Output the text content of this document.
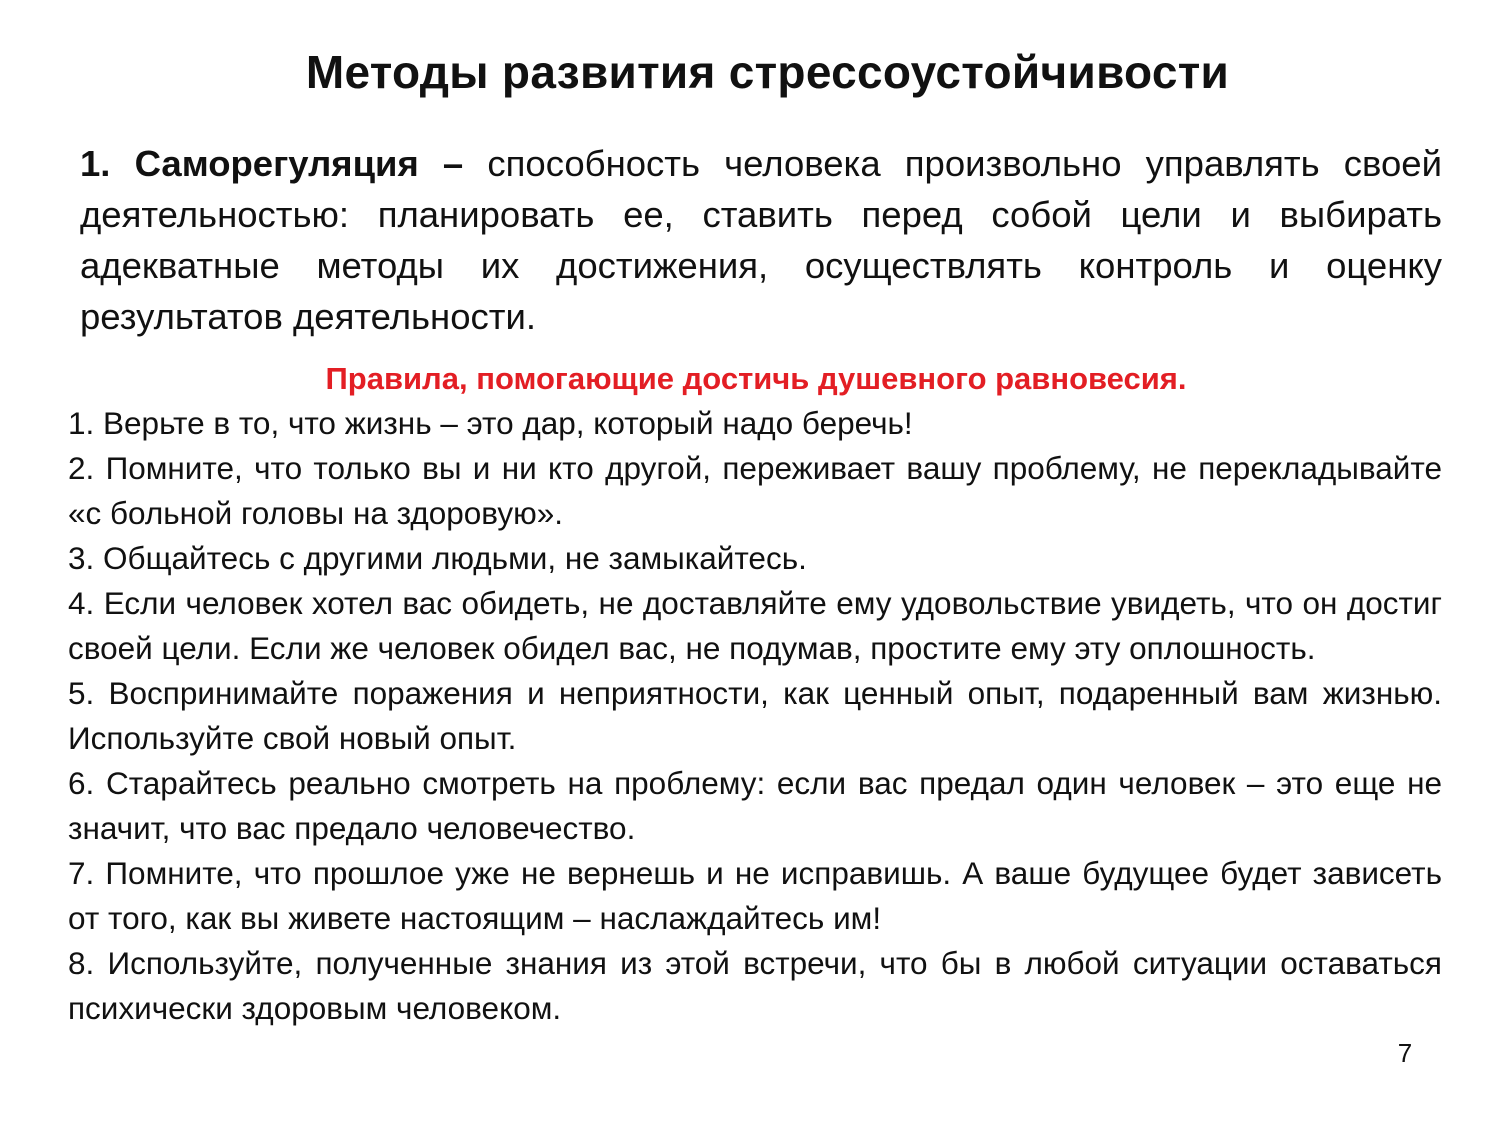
Методы развития стрессоустойчивости
1. Саморегуляция – способность человека произвольно управлять своей деятельностью: планировать ее, ставить перед собой цели и выбирать адекватные методы их достижения, осуществлять контроль и оценку результатов деятельности.
Правила, помогающие достичь душевного равновесия.
1. Верьте в то, что жизнь – это дар, который надо беречь!
2. Помните, что только вы и ни кто другой, переживает вашу проблему, не перекладывайте «с больной головы на здоровую».
3. Общайтесь с другими людьми, не замыкайтесь.
4. Если человек хотел вас обидеть, не доставляйте ему удовольствие увидеть, что он достиг своей цели. Если же человек обидел вас, не подумав, простите ему эту оплошность.
5. Воспринимайте поражения и неприятности, как ценный опыт, подаренный вам жизнью. Используйте свой новый опыт.
6. Старайтесь реально смотреть на проблему: если вас предал один человек – это еще не значит, что вас предало человечество.
7. Помните, что прошлое уже не вернешь и не исправишь. А ваше будущее будет зависеть от того, как вы живете настоящим – наслаждайтесь им!
8. Используйте, полученные знания из этой встречи, что бы в любой ситуации оставаться психически здоровым человеком.
7
